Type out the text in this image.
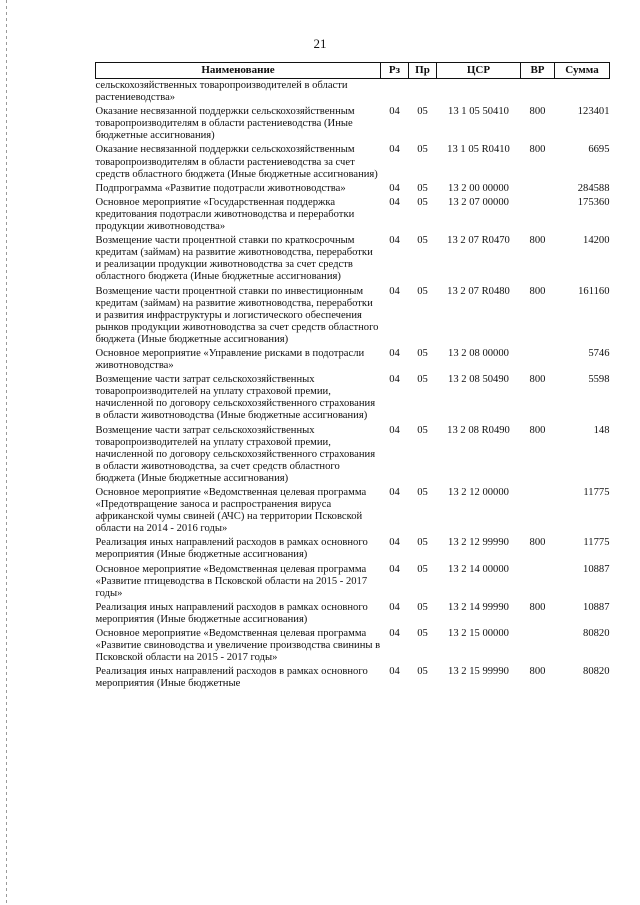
21
Наименование	Рз	Пр	ЦСР	ВР	Сумма
сельскохозяйственных товаропроизводителей в области растениеводства»					
Оказание несвязанной поддержки сельскохозяйственным товаропроизводителям в области растениеводства (Иные бюджетные ассигнования)	04	05	13 1 05 50410	800	123401
Оказание несвязанной поддержки сельскохозяйственным товаропроизводителям в области растениеводства за счет средств областного бюджета (Иные бюджетные ассигнования)	04	05	13 1 05 R0410	800	6695
Подпрограмма «Развитие подотрасли животноводства»	04	05	13 2 00 00000		284588
Основное мероприятие «Государственная поддержка кредитования подотрасли животноводства и переработки продукции животноводства»	04	05	13 2 07 00000		175360
Возмещение части процентной ставки по краткосрочным кредитам (займам) на развитие животноводства, переработки и реализации продукции животноводства за счет средств областного бюджета (Иные бюджетные ассигнования)	04	05	13 2 07 R0470	800	14200
Возмещение части процентной ставки по инвестиционным кредитам (займам) на развитие животноводства, переработки и развития инфраструктуры и логистического обеспечения рынков продукции животноводства за счет средств областного бюджета (Иные бюджетные ассигнования)	04	05	13 2 07 R0480	800	161160
Основное мероприятие «Управление рисками в подотрасли животноводства»	04	05	13 2 08 00000		5746
Возмещение части затрат сельскохозяйственных товаропроизводителей на уплату страховой премии, начисленной по договору сельскохозяйственного страхования в области животноводства (Иные бюджетные ассигнования)	04	05	13 2 08 50490	800	5598
Возмещение части затрат сельскохозяйственных товаропроизводителей на уплату страховой премии, начисленной по договору сельскохозяйственного страхования в области животноводства, за счет средств областного бюджета (Иные бюджетные ассигнования)	04	05	13 2 08 R0490	800	148
Основное мероприятие «Ведомственная целевая программа «Предотвращение заноса и распространения вируса африканской чумы свиней (АЧС) на территории Псковской области на 2014 - 2016 годы»	04	05	13 2 12 00000		11775
Реализация иных направлений расходов в рамках основного мероприятия (Иные бюджетные ассигнования)	04	05	13 2 12 99990	800	11775
Основное мероприятие «Ведомственная целевая программа «Развитие птицеводства в Псковской области на 2015 - 2017 годы»	04	05	13 2 14 00000		10887
Реализация иных направлений расходов в рамках основного мероприятия (Иные бюджетные ассигнования)	04	05	13 2 14 99990	800	10887
Основное мероприятие «Ведомственная целевая программа «Развитие свиноводства и увеличение производства свинины в Псковской области на 2015 - 2017 годы»	04	05	13 2 15 00000		80820
Реализация иных направлений расходов в рамках основного мероприятия (Иные бюджетные	04	05	13 2 15 99990	800	80820
